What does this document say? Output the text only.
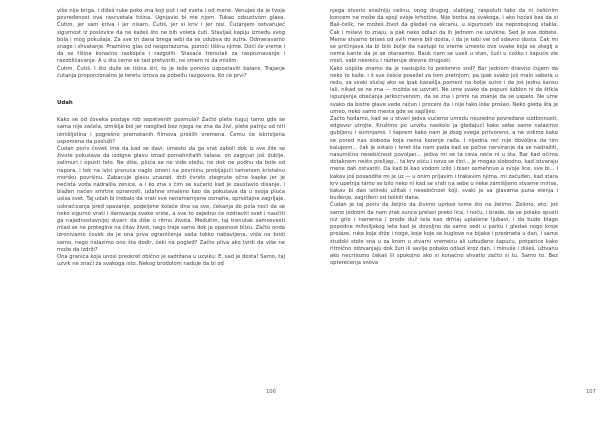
više nije briga, i dižeš ruke poko zna koji put i od sveta i od mene. Venuješ da je tvoja povređenost ova rascvetala tišina. Ugnjavio bi me njom. Tukao odsustvom glasa. Čutim, jer sam kriva i jer nisam. Čutiš, jer si kriv i jer nisi. Čutanjem ostvarujeć sigurnost iz poslovice da ne kažeš što ne bih voleta čuti. Stavljaš kapiju između svog bola i mog pokušaja. Za sve tri dana brega sebi da se udubva do sutra. Odmeravamo snage i shvatanje. Praznimo glas od nesporazuma, punoći tišinu njime. Doći će vreme i da se tišina konačno raskopča i razgoliti. Stasaće trenutak za raspoznavanje i razobličavanje. A u šta ćemo se tad pretvoriti, ne smem ni da mislim.

Čutim. Čutiš. I što duže se tišina širi, to je teže ponovo uspostaviti balans. Trajanje ćutanja proporcionalno je teretu izrova za pobeđu razgovora. Ko će prvi?

Udah

Kako se od čoveka postaje rob sopstvenih posmula? Začto plete tuguj tamo gde se sama nije začela, izmišlja bol jer naoglled bez njega ne zna da živi, plete patnju od niti izmišljotina i pogrešno premotanih filmova prošlih vremena. Čemu će iskrivljena uspomena da posluži?

Čudan poriv čovek ima da kad se davi, umesto da ga vrat zaboli dok iz sve žile se živote pokušava da izdigne glavu iznad pomahnitalih talasa, on zagnjuri još dublje, zalimuri i opusti telo. Ne diše, pluća se ne vide stežu, ne dok ne pođnu da bole od napora, i tek na ivici prsnuća naglo iznoni na površinu probijajući tamenom kristalnu morsku površinu. Zabacuje glavu unazad, drži čvrsto stegnute očne kapke jer je nećista voda nadralila zenice, a i ko zna s čim se sučario kad je zaustavio disanje, i blažen naćen smrtne opranosti, udahne smaleno kao da pokušava da u svoja pluća usisa svet. Taj udah bi trebalo da vrati sve nenamernjene osmehe, oproštajne zagrljaje, uskraćivanja pred spavanje, podeljene kolače dna sa sve, čekanja do pola noći da se neko sigurno vrati i darovanja svake vrste, a sve to zajedno će ozdraviti svet i naučiti ga najednostavnijoj stvari: da diše u ritmu života. Međutim, taj trenutak samosvesti mlad se ne proteglne na čitav život, nego traje samo dok je opasnost blizu. Začto onda izronivamo čovek da je ona prva ograničenja sada tokko nabavljena, vida ne bridi samo, nego nalazimo ono šta dodir, čeki na pogleđ? Začto pliva ako tvrdi da više ne može da izdrži?

Ona granica koja unosi preokret obično je sadržana u uzviku: E, sad je dosta! Samo, taj uzvik ne znači za svakoga isto. Nekog brodolom naduje da bi od

106

njega stvorio snažniju celinu, onog drugog, slabijeg, raspoluti tako da ni čeličnim koncem ne može da spoji svoje krhotine. Nije borba za svakoga, i ako hoćeš baš da si Baš-čelik, ne možeš život da gledaš na ekranu, u sigurnosti iza neprobojnog stakla. Čak i miševi to znaju, a pak neko odlazi da ih jednom ne uzvikne. Sed je sve dobste. Meme stvarno briseš od svih mene bili dosta, i da je tebi vei od sdavno dosta. Čak mi se pričinjava da bi bilo bolje da nastupi to vreme umesto ove ovake koja se oteglj a nema kante da je se otarasimo. Bauk nam se useli u stan, čuči u ćošku i šapuće zle misli, vabi nesreću i razteruje drevne drugosti.

Kako uopšte znamo da je nastupilo to prelomno snd? Bar jednom dnevno čujem da neko to kaže, i š sve češće posežel za tom pretnjom, pa ipak svako još malo sabeta u redu, za svaki slučaj ako se ipak kazašlja pomeni na bolje sutro i da još jednu šansu lali, nikad se ne zna — možda se uzvrati. Ne ume svako da popuni šablon ni da štikla ispunjenja obećanja jarkocrvenom, da se zna i primi na znanje da se uspelo. Ne ume svako da bistre glave vede račun i proceni da i nije tako loše prošao. Neko gleda šta je umeo, neko samo mesta gde se saplijeo.

Začto hodamo, kad se u stvari jedva vučemo umedu neuredno povređane sudbinnosti; odgovor utrojte. Kružimo po uzviku naokolo ja gledajući kako sebe same nalazimo gubljenu i sumnjamo. I šaprem kako nam je zbog svega pritvoreno, a ne vidimo kako se pored nas sloboda koja nema korenje rađa. I nijedna reč nije dovoljna da tim kalupom... čak je ostalo i teret šta nam pada kad se počne nerviranje da se nadražiti, nasumično nesebičnost povoljan... jedva mi se ta ceva neće ni u šta. Bar kad očima dotaknem nešto prelijep... ta krv ošću i novo se čini... je mogao slobodno, kad istvaraju mene dah ostvariti. Da kad bi kao vodom izlio i biser osmehnuo a svoje lice, sve bi... I kakav još posaodite mi je uz — u onim prljavim i trakavim njima, mi začuđen, kad stara krv upetnja tamo se bilo neko ni kad se vrati na sebe u neke zamišljeno stvarne mirise, kakav bi dao istinski užitak i nesebičnost koji, svaki je sa glavama puna stenja i buđenje, zagriženi od teških dana.

Čudan je taj poriv da željno da živimo uprkos tome što ne želimo. Želimo, eto, još samo jednom da nam zrak sunca prelazi preko lica, i noću, i brade, da se polako spusti niz grlo i namerna i prođe duž tela kao drhtaj uplašene ljubavi, i da bude blago popodne mihoiljskog leta kad je dovoljno da samo sedi u parku i gledaš nogo kroje prolaze, ruke koje drže i noge, koje koje se kuglove na bijaka i predmeta u dan, i samo studski stole sna u za krom u stvarni vremenu ali uzbuđeno šapuću, potpetice kako ritmično odzvanjaju dok žuri ili savlje pobako odlazi kroz dan, i minuše i dišeš, uživanu ako necrtiozno čekaš ili spokojno ako si konačno shvatio začto si tu. Samo to. Bez opterećenja snova

107
